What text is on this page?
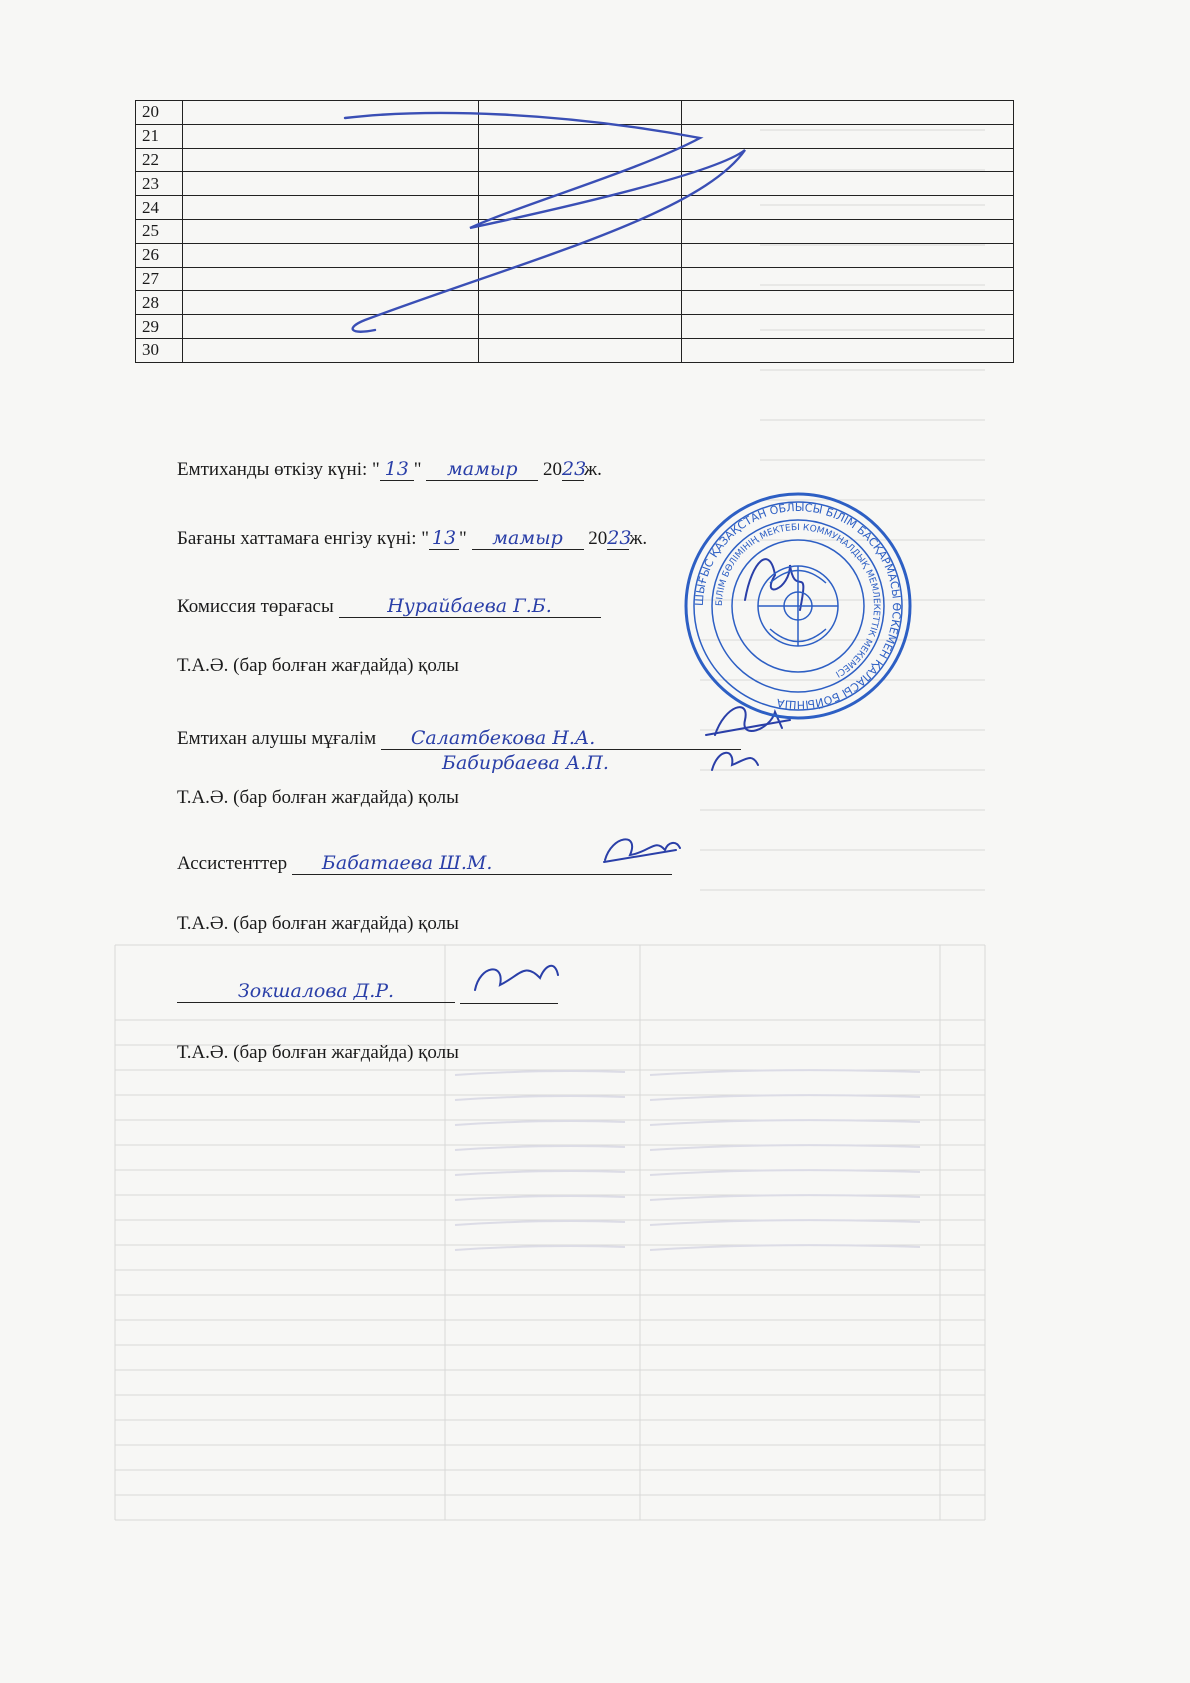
20			
21			
22			
23			
24			
25			
26			
27			
28			
29			
30			
Емтиханды өткізу күні: " 13 " мамыр 2023ж.
Бағаны хаттамаға енгізу күні: " 13 " мамыр 2023ж.
Комиссия төрағасы	Нурайбаева Г.Б.
Т.А.Ә. (бар болған жағдайда) қолы
Емтихан алушы мұғалім Салатбекова Н.А.
Бабирбаева А.П.
Т.А.Ә. (бар болған жағдайда) қолы
Ассистенттер Бабатаева Ш.М.
Т.А.Ә. (бар болған жағдайда) қолы
Зокшалова Д.Р.
Т.А.Ә. (бар болған жағдайда) қолы
ШЫҒЫС ҚАЗАҚСТАН ОБЛЫСЫ БІЛІМ БАСҚАРМАСЫ ӨСКЕМЕН ҚАЛАСЫ БОЙЫНША
БІЛІМ БӨЛІМІНІҢ МЕКТЕБІ КОММУНАЛДЫҚ МЕМЛЕКЕТТІК МЕКЕМЕСІ
